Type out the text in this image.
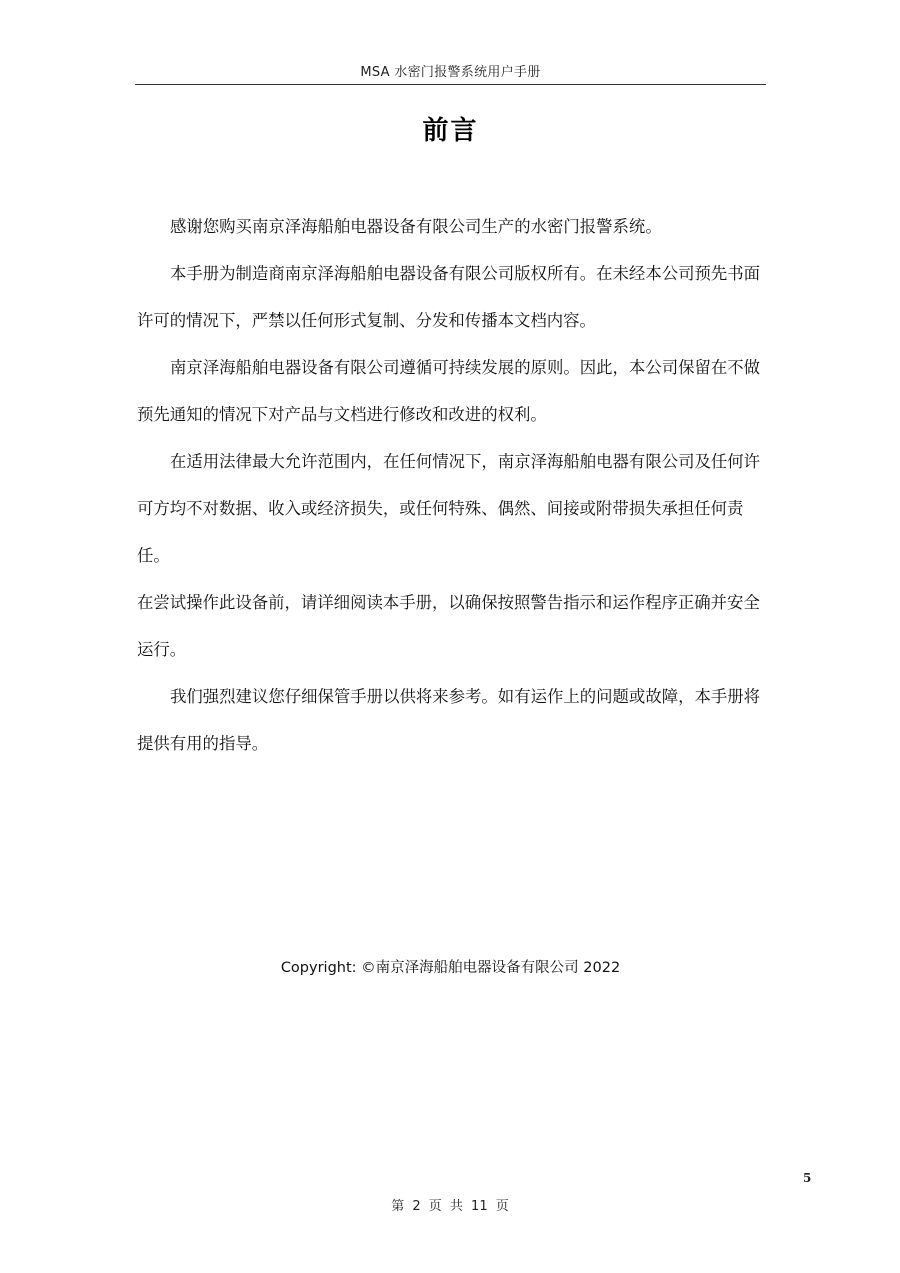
MSA 水密门报警系统用户手册
前言

感谢您购买南京泽海船舶电器设备有限公司生产的水密门报警系统。

本手册为制造商南京泽海船舶电器设备有限公司版权所有。在未经本公司预先书面许可的情况下，严禁以任何形式复制、分发和传播本文档内容。

南京泽海船舶电器设备有限公司遵循可持续发展的原则。因此，本公司保留在不做预先通知的情况下对产品与文档进行修改和改进的权利。

在适用法律最大允许范围内，在任何情况下，南京泽海船舶电器有限公司及任何许可方均不对数据、收入或经济损失，或任何特殊、偶然、间接或附带损失承担任何责任。

在尝试操作此设备前，请详细阅读本手册，以确保按照警告指示和运作程序正确并安全运行。

我们强烈建议您仔细保管手册以供将来参考。如有运作上的问题或故障，本手册将提供有用的指导。

Copyright: ©南京泽海船舶电器设备有限公司 2022
5
第 2 页 共 11 页
